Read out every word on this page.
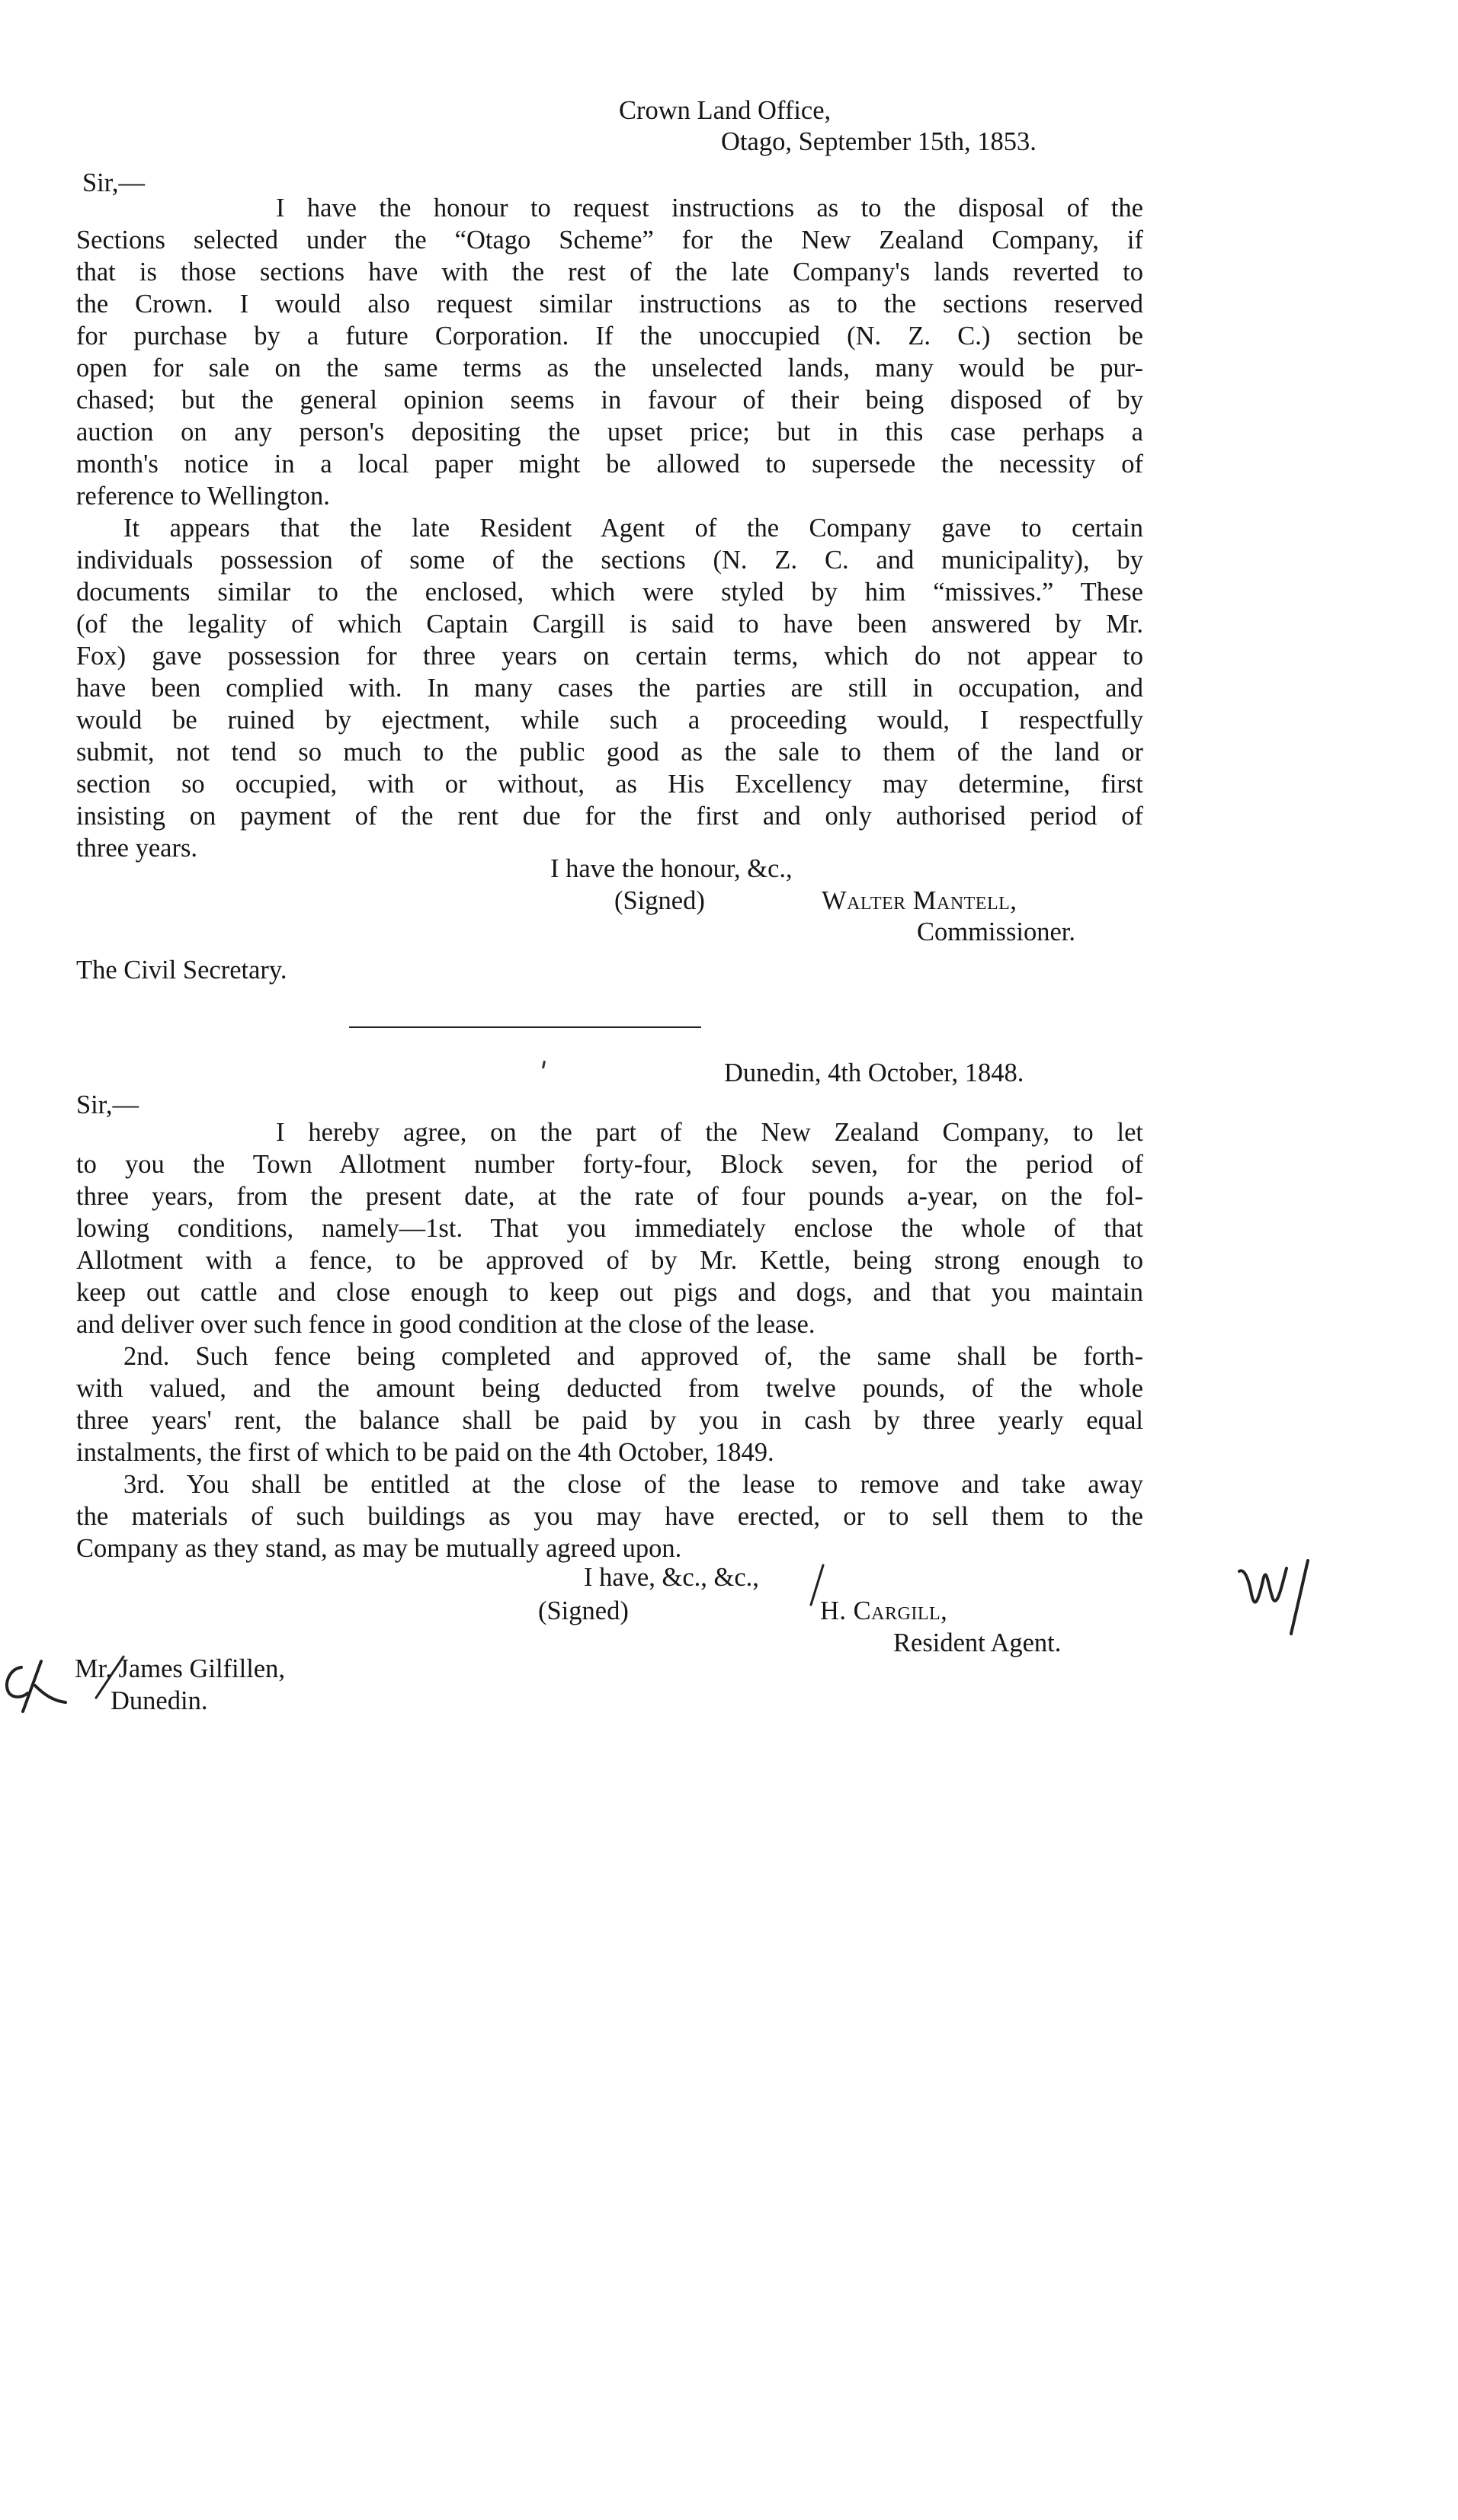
Crown Land Office,

Otago, September 15th, 1853.

Sir,—

I have the honour to request instructions as to the disposal of the

Sections selected under the “Otago Scheme” for the New Zealand Company, if

that is those sections have with the rest of the late Company's lands reverted to

the Crown. I would also request similar instructions as to the sections reserved

for purchase by a future Corporation. If the unoccupied (N. Z. C.) section be

open for sale on the same terms as the unselected lands, many would be pur-

chased; but the general opinion seems in favour of their being disposed of by

auction on any person's depositing the upset price; but in this case perhaps a

month's notice in a local paper might be allowed to supersede the necessity of

reference to Wellington.

It appears that the late Resident Agent of the Company gave to certain

individuals possession of some of the sections (N. Z. C. and municipality), by

documents similar to the enclosed, which were styled by him “missives.” These

(of the legality of which Captain Cargill is said to have been answered by Mr.

Fox) gave possession for three years on certain terms, which do not appear to

have been complied with. In many cases the parties are still in occupation, and

would be ruined by ejectment, while such a proceeding would, I respectfully

submit, not tend so much to the public good as the sale to them of the land or

section so occupied, with or without, as His Excellency may determine, first

insisting on payment of the rent due for the first and only authorised period of

three years.

I have the honour, &c.,

(Signed)	Walter Mantell,

Commissioner.

The Civil Secretary.

Dunedin, 4th October, 1848.

Sir,—

I hereby agree, on the part of the New Zealand Company, to let

to you the Town Allotment number forty-four, Block seven, for the period of

three years, from the present date, at the rate of four pounds a-year, on the fol-

lowing conditions, namely—1st. That you immediately enclose the whole of that

Allotment with a fence, to be approved of by Mr. Kettle, being strong enough to

keep out cattle and close enough to keep out pigs and dogs, and that you maintain

and deliver over such fence in good condition at the close of the lease.

2nd. Such fence being completed and approved of, the same shall be forth-

with valued, and the amount being deducted from twelve pounds, of the whole

three years' rent, the balance shall be paid by you in cash by three yearly equal

instalments, the first of which to be paid on the 4th October, 1849.

3rd. You shall be entitled at the close of the lease to remove and take away

the materials of such buildings as you may have erected, or to sell them to the

Company as they stand, as may be mutually agreed upon.

I have, &c., &c.,

(Signed)	H. Cargill,

Resident Agent.

Mr. James Gilfillen,

Dunedin.
